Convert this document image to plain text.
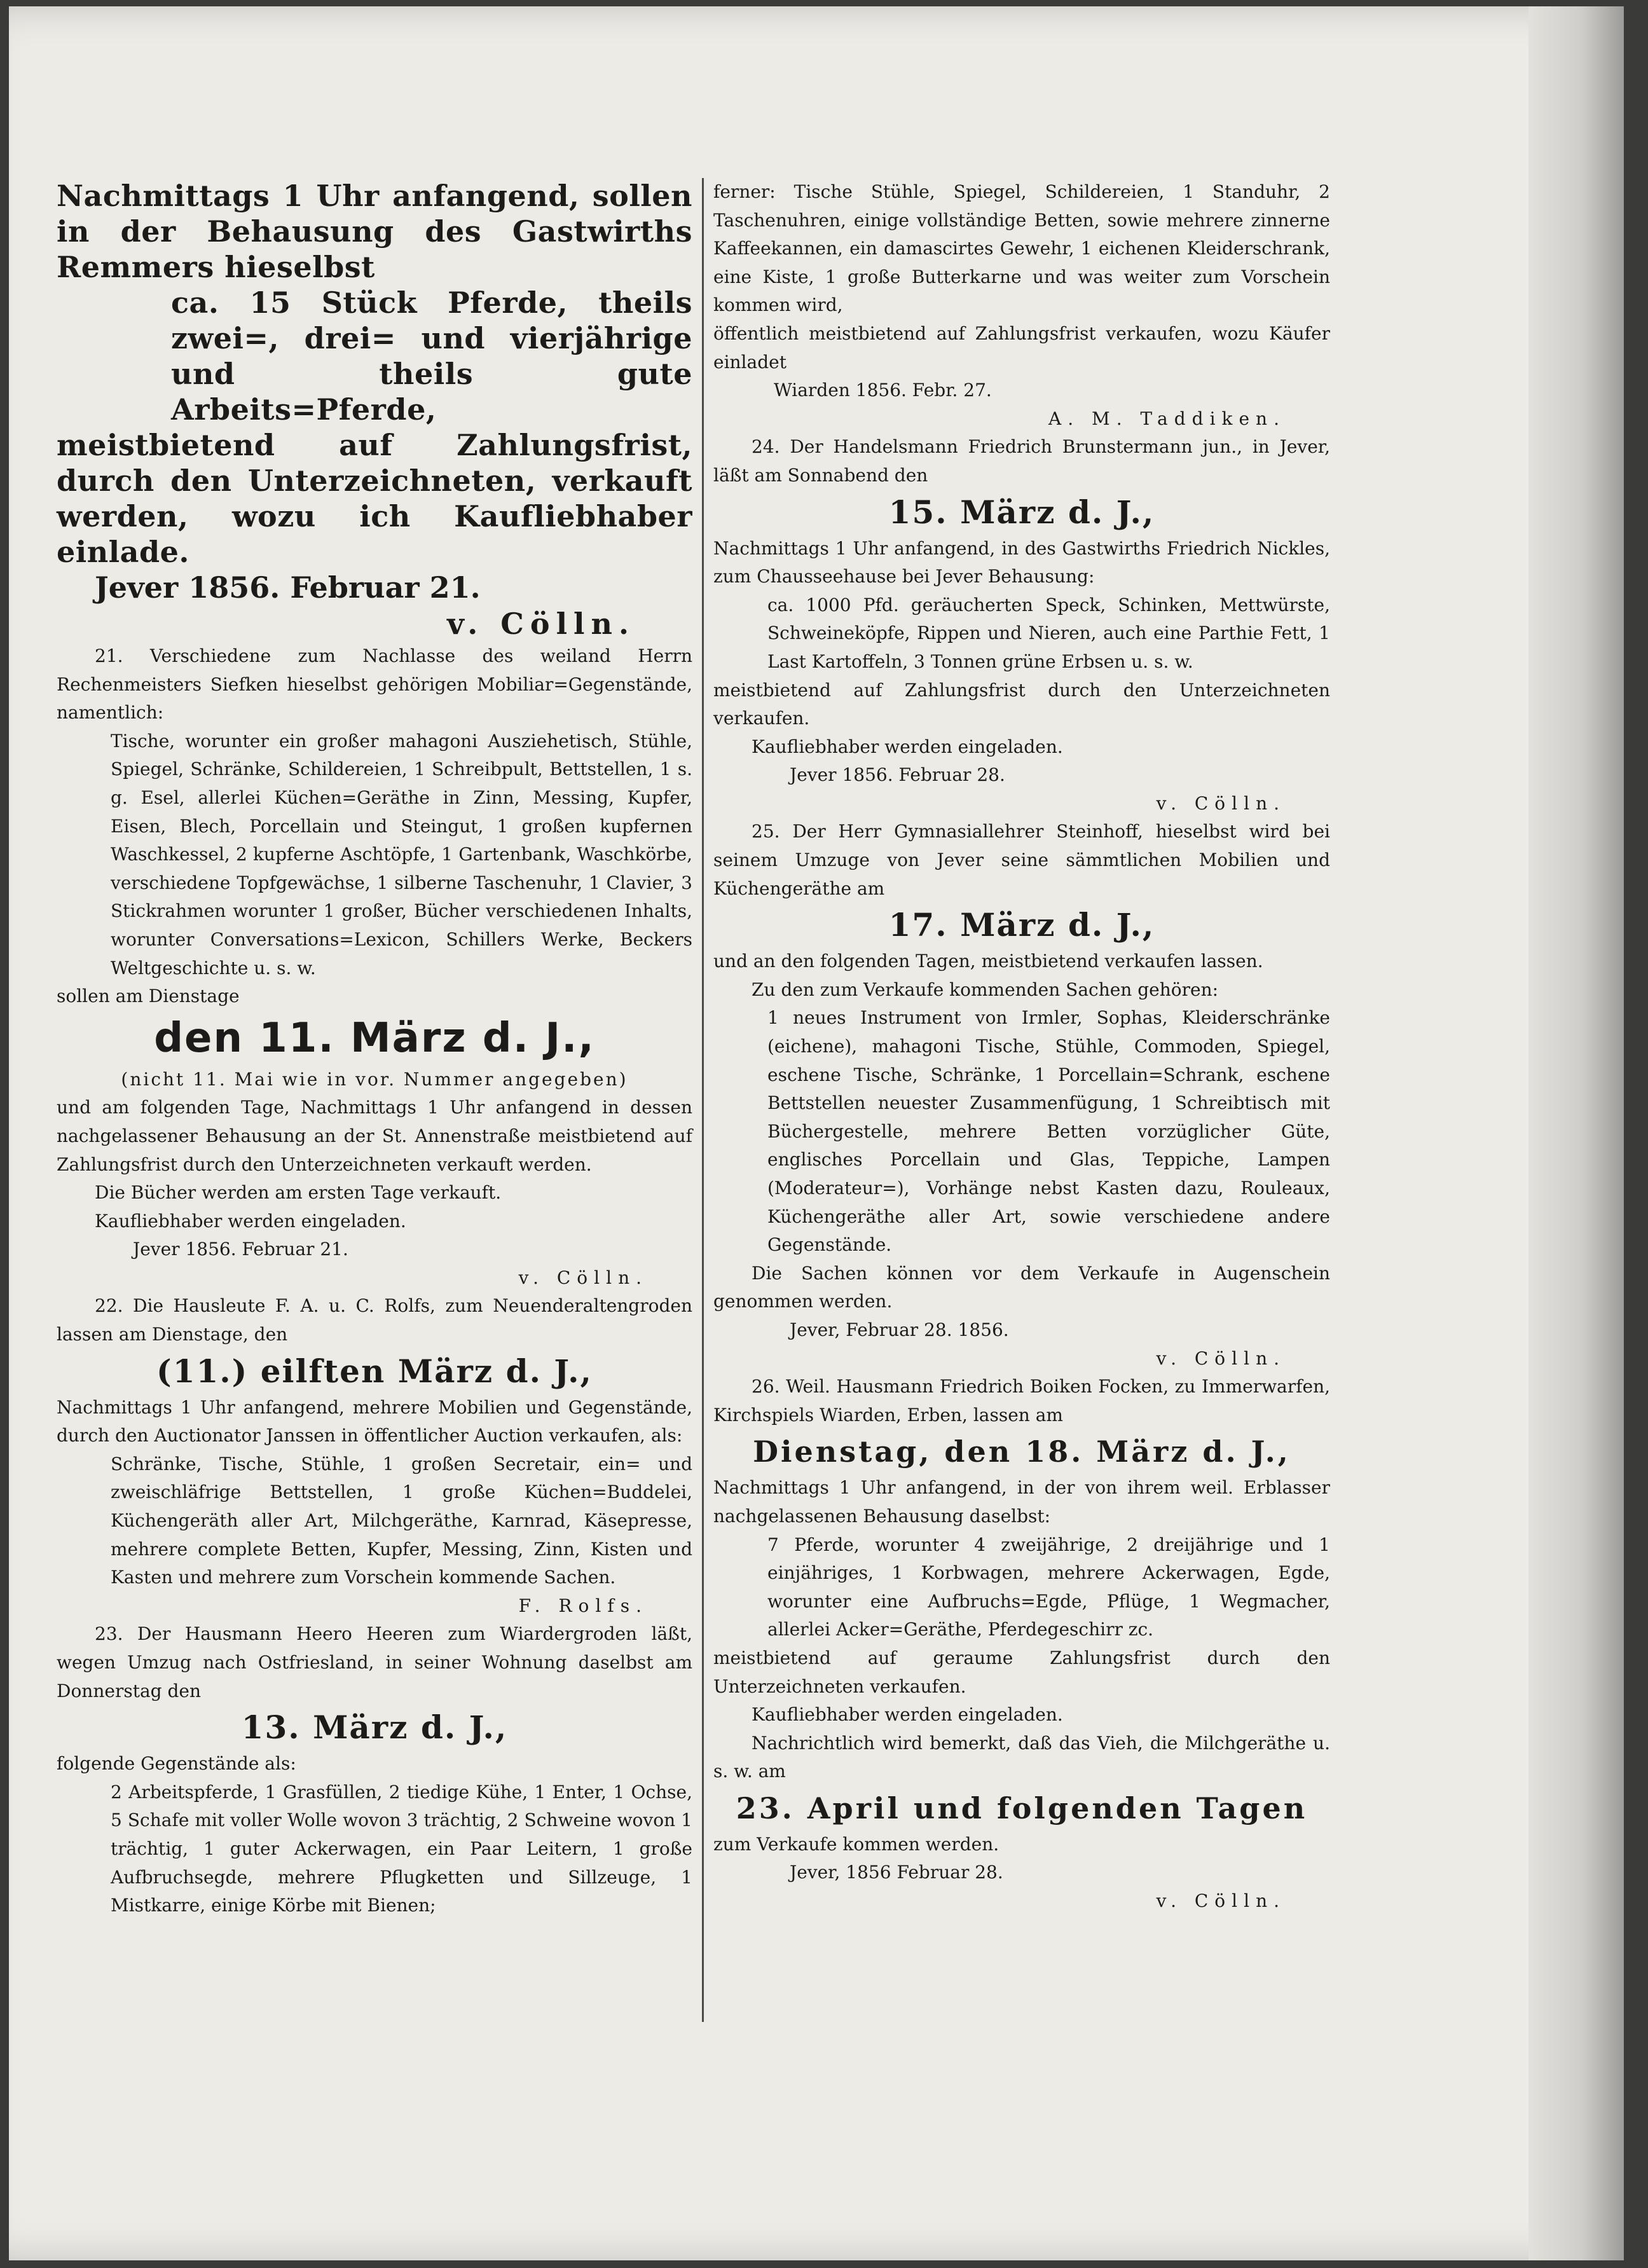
Nachmittags 1 Uhr anfangend, sollen in der Behausung des Gastwirths Remmers hieselbst

ca. 15 Stück Pferde, theils zwei=, drei= und vierjährige und theils gute Arbeits=Pferde,

meistbietend auf Zahlungsfrist, durch den Unterzeichneten, verkauft werden, wozu ich Kaufliebhaber einlade.

Jever 1856. Februar 21.

v. Cölln.

21. Verschiedene zum Nachlasse des weiland Herrn Rechenmeisters Siefken hieselbst gehörigen Mobiliar=Gegenstände, namentlich:

Tische, worunter ein großer mahagoni Ausziehetisch, Stühle, Spiegel, Schränke, Schildereien, 1 Schreibpult, Bettstellen, 1 s. g. Esel, allerlei Küchen=Geräthe in Zinn, Messing, Kupfer, Eisen, Blech, Porcellain und Steingut, 1 großen kupfernen Waschkessel, 2 kupferne Aschtöpfe, 1 Gartenbank, Waschkörbe, verschiedene Topfgewächse, 1 silberne Taschenuhr, 1 Clavier, 3 Stickrahmen worunter 1 großer, Bücher verschiedenen Inhalts, worunter Conversations=Lexicon, Schillers Werke, Beckers Weltgeschichte u. s. w.

sollen am Dienstage

den 11. März d. J.,

(nicht 11. Mai wie in vor. Nummer angegeben)

und am folgenden Tage, Nachmittags 1 Uhr anfangend in dessen nachgelassener Behausung an der St. Annenstraße meistbietend auf Zahlungsfrist durch den Unterzeichneten verkauft werden.

Die Bücher werden am ersten Tage verkauft.

Kaufliebhaber werden eingeladen.

Jever 1856. Februar 21.

v. Cölln.

22. Die Hausleute F. A. u. C. Rolfs, zum Neuenderaltengroden lassen am Dienstage, den

(11.) eilften März d. J.,

Nachmittags 1 Uhr anfangend, mehrere Mobilien und Gegenstände, durch den Auctionator Janssen in öffentlicher Auction verkaufen, als:

Schränke, Tische, Stühle, 1 großen Secretair, ein= und zweischläfrige Bettstellen, 1 große Küchen=Buddelei, Küchengeräth aller Art, Milchgeräthe, Karnrad, Käsepresse, mehrere complete Betten, Kupfer, Messing, Zinn, Kisten und Kasten und mehrere zum Vorschein kommende Sachen.

F. Rolfs.

23. Der Hausmann Heero Heeren zum Wiardergroden läßt, wegen Umzug nach Ostfriesland, in seiner Wohnung daselbst am Donnerstag den

13. März d. J.,

folgende Gegenstände als:

2 Arbeitspferde, 1 Grasfüllen, 2 tiedige Kühe, 1 Enter, 1 Ochse, 5 Schafe mit voller Wolle wovon 3 trächtig, 2 Schweine wovon 1 trächtig, 1 guter Ackerwagen, ein Paar Leitern, 1 große Aufbruchsegde, mehrere Pflugketten und Sillzeuge, 1 Mistkarre, einige Körbe mit Bienen;

ferner: Tische Stühle, Spiegel, Schildereien, 1 Standuhr, 2 Taschenuhren, einige vollständige Betten, sowie mehrere zinnerne Kaffeekannen, ein damascirtes Gewehr, 1 eichenen Kleiderschrank, eine Kiste, 1 große Butterkarne und was weiter zum Vorschein kommen wird,

öffentlich meistbietend auf Zahlungsfrist verkaufen, wozu Käufer einladet

Wiarden 1856. Febr. 27.

A. M. Taddiken.

24. Der Handelsmann Friedrich Brunstermann jun., in Jever, läßt am Sonnabend den

15. März d. J.,

Nachmittags 1 Uhr anfangend, in des Gastwirths Friedrich Nickles, zum Chausseehause bei Jever Behausung:

ca. 1000 Pfd. geräucherten Speck, Schinken, Mettwürste, Schweineköpfe, Rippen und Nieren, auch eine Parthie Fett, 1 Last Kartoffeln, 3 Tonnen grüne Erbsen u. s. w.

meistbietend auf Zahlungsfrist durch den Unterzeichneten verkaufen.

Kaufliebhaber werden eingeladen.

Jever 1856. Februar 28.

v. Cölln.

25. Der Herr Gymnasiallehrer Steinhoff, hieselbst wird bei seinem Umzuge von Jever seine sämmtlichen Mobilien und Küchengeräthe am

17. März d. J.,

und an den folgenden Tagen, meistbietend verkaufen lassen.

Zu den zum Verkaufe kommenden Sachen gehören:

1 neues Instrument von Irmler, Sophas, Kleiderschränke (eichene), mahagoni Tische, Stühle, Commoden, Spiegel, eschene Tische, Schränke, 1 Porcellain=Schrank, eschene Bettstellen neuester Zusammenfügung, 1 Schreibtisch mit Büchergestelle, mehrere Betten vorzüglicher Güte, englisches Porcellain und Glas, Teppiche, Lampen (Moderateur=), Vorhänge nebst Kasten dazu, Rouleaux, Küchengeräthe aller Art, sowie verschiedene andere Gegenstände.

Die Sachen können vor dem Verkaufe in Augenschein genommen werden.

Jever, Februar 28. 1856.

v. Cölln.

26. Weil. Hausmann Friedrich Boiken Focken, zu Immerwarfen, Kirchspiels Wiarden, Erben, lassen am

Dienstag, den 18. März d. J.,

Nachmittags 1 Uhr anfangend, in der von ihrem weil. Erblasser nachgelassenen Behausung daselbst:

7 Pferde, worunter 4 zweijährige, 2 dreijährige und 1 einjähriges, 1 Korbwagen, mehrere Ackerwagen, Egde, worunter eine Aufbruchs=Egde, Pflüge, 1 Wegmacher, allerlei Acker=Geräthe, Pferdegeschirr zc.

meistbietend auf geraume Zahlungsfrist durch den Unterzeichneten verkaufen.

Kaufliebhaber werden eingeladen.

Nachrichtlich wird bemerkt, daß das Vieh, die Milchgeräthe u. s. w. am

23. April und folgenden Tagen

zum Verkaufe kommen werden.

Jever, 1856 Februar 28.

v. Cölln.
